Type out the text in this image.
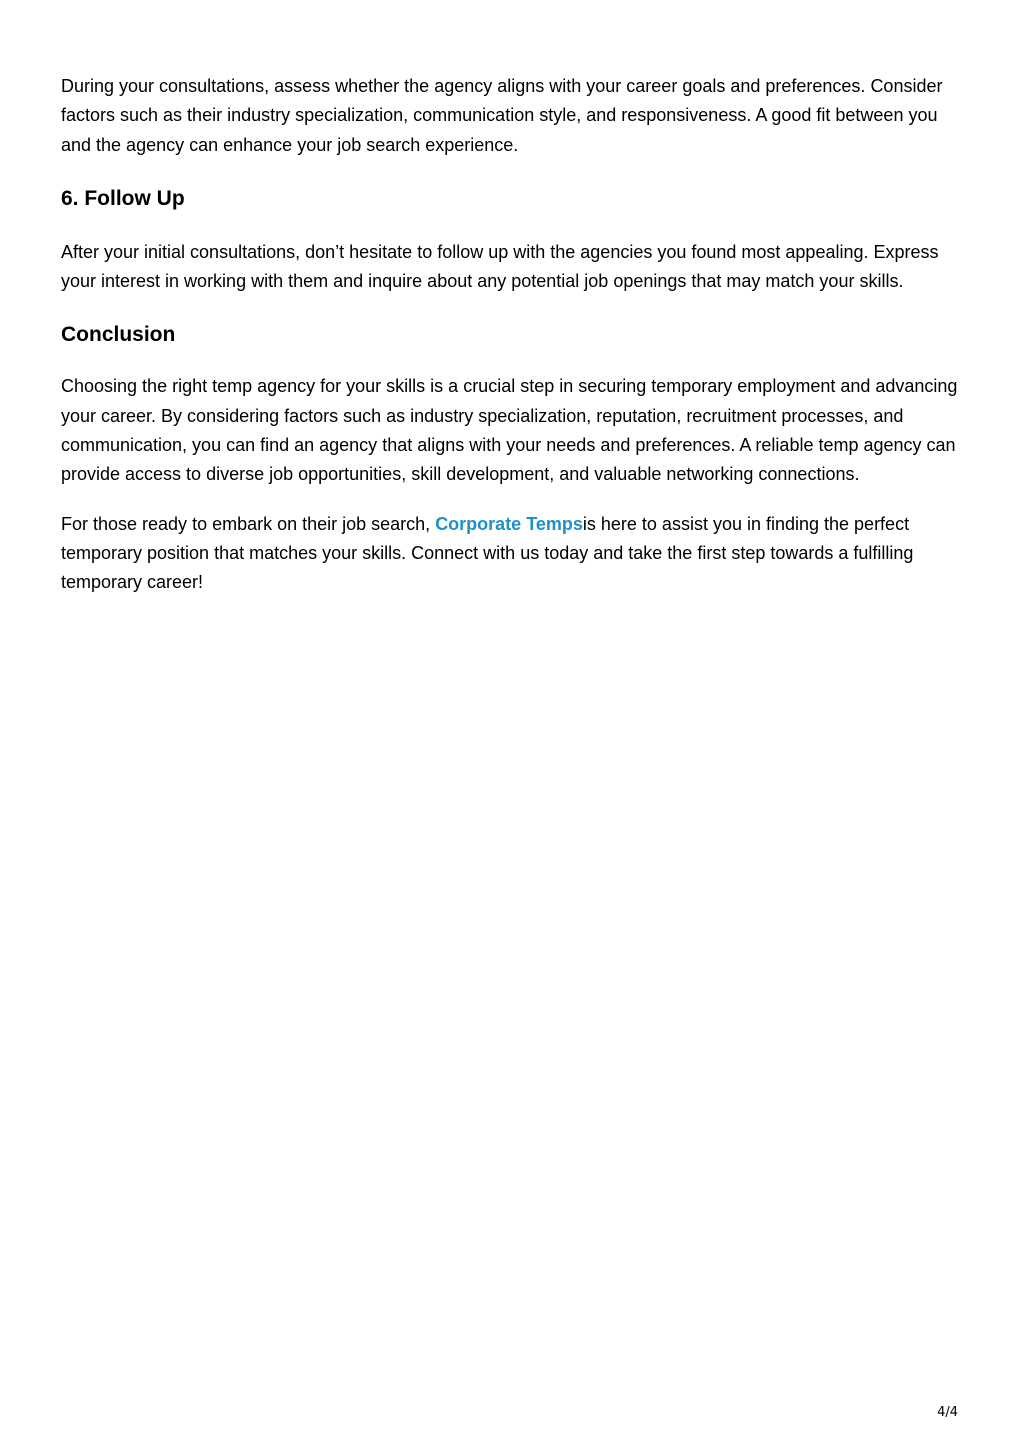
During your consultations, assess whether the agency aligns with your career goals and preferences. Consider factors such as their industry specialization, communication style, and responsiveness. A good fit between you and the agency can enhance your job search experience.

6. Follow Up

After your initial consultations, don’t hesitate to follow up with the agencies you found most appealing. Express your interest in working with them and inquire about any potential job openings that may match your skills.

Conclusion

Choosing the right temp agency for your skills is a crucial step in securing temporary employment and advancing your career. By considering factors such as industry specialization, reputation, recruitment processes, and communication, you can find an agency that aligns with your needs and preferences. A reliable temp agency can provide access to diverse job opportunities, skill development, and valuable networking connections.

For those ready to embark on their job search, Corporate Tempsis here to assist you in finding the perfect temporary position that matches your skills. Connect with us today and take the first step towards a fulfilling temporary career!

4/4
